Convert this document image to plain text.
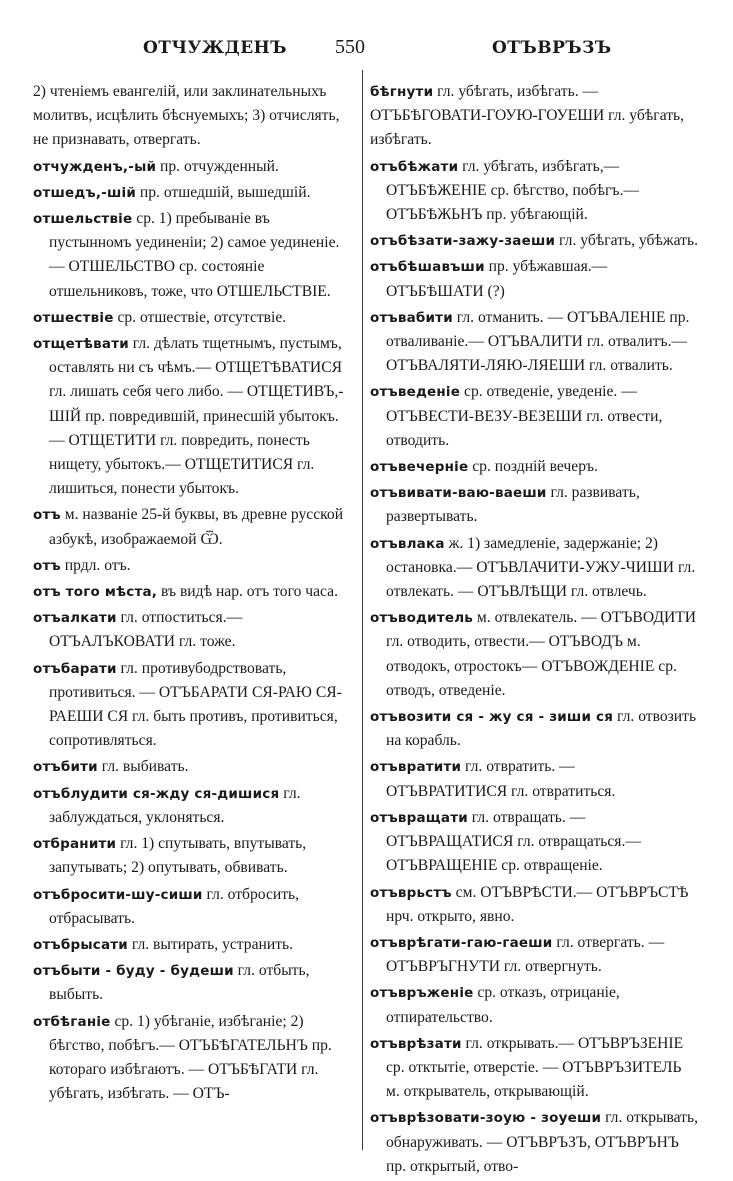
ОТЧУЖДЕНЪ 550	ОТЪВРЪЗЪ
2) чтеніемъ евангелій, или заклинательныхъ молитвъ, исцѣлить бѣснуемыхъ; 3) отчислять, не признавать, отвергать.
отчужденъ,-ый пр. отчужденный.
отшедъ,-шій пр. отшедшій, вышедшій.
отшельствіе ср. 1) пребываніе въ пустынномъ уединеніи; 2) самое уединеніе.— ОТШЕЛЬСТВО ср. состояніе отшельниковъ, тоже, что ОТШЕЛЬСТВІЕ.
отшествіе ср. отшествіе, отсутствіе.
отщетѣвати гл. дѣлать тщетнымъ, пустымъ, оставлять ни съ чѣмъ.— ОТЩЕТѢВАТИСЯ гл. лишать себя чего либо. — ОТЩЕТИВЪ,-ШІЙ пр. повредившій, принесшій убытокъ. — ОТЩЕТИТИ гл. повредить, понесть нищету, убытокъ.— ОТЩЕТИТИСЯ гл. лишиться, понести убытокъ.
отъ м. названіе 25-й буквы, въ древне русской азбукѣ, изображаемой Ѿ.
отъ прдл. отъ.
отъ того мѣста, въ видѣ нар. отъ того часа.
отъалкати гл. отпоститься.— ОТЪАЛЪКОВАТИ гл. тоже.
отъбарати гл. противубодрствовать, противиться. — ОТЪБАРАТИ СЯ-РАЮ СЯ-РАЕШИ СЯ гл. быть противъ, противиться, сопротивляться.
отъбити гл. выбивать.
отъблудити ся-жду ся-дишися гл. заблуждаться, уклоняться.
отбранити гл. 1) спутывать, впутывать, запутывать; 2) опутывать, обвивать.
отъбросити-шу-сиши гл. отбросить, отбрасывать.
отъбрысати гл. вытирать, устранить.
отъбыти - буду - будеши гл. отбыть, выбыть.
отбѣганіе ср. 1) убѣганіе, избѣганіе; 2) бѣгство, побѣгъ.— ОТЪБѢГАТЕЛЬНЪ пр. котораго избѣгаютъ. — ОТЪБѢГАТИ гл. убѣгать, избѣгать. — ОТЪ-
бѣгнути гл. убѣгать, избѣгать. — ОТЪБѢГОВАТИ-ГОУЮ-ГОУЕШИ гл. убѣгать, избѣгать.
отъбѣжати гл. убѣгать, избѣгать,— ОТЪБѢЖЕНІЕ ср. бѣгство, побѣгъ.— ОТЪБѢЖЬНЪ пр. убѣгающій.
отъбѣзати-зажу-заеши гл. убѣгать, убѣжать.
отъбѣшавъши пр. убѣжавшая.— ОТЪБѢШАТИ (?)
отъвабити гл. отманить. — ОТЪВАЛЕНІЕ пр. отваливаніе.— ОТЪВАЛИТИ гл. отвалитъ.— ОТЪВАЛЯТИ-ЛЯЮ-ЛЯЕШИ гл. отвалить.
отъведеніе ср. отведеніе, уведеніе. — ОТЪВЕСТИ-ВЕЗУ-ВЕЗЕШИ гл. отвести, отводить.
отъвечерніе ср. поздній вечеръ.
отъвивати-ваю-ваеши гл. развивать, развертывать.
отъвлака ж. 1) замедленіе, задержаніе; 2) остановка.— ОТЪВЛАЧИТИ-УЖУ-ЧИШИ гл. отвлекать. — ОТЪВЛѢЩИ гл. отвлечь.
отъводитель м. отвлекатель. — ОТЪВОДИТИ гл. отводить, отвести.— ОТЪВОДЪ м. отводокъ, отростокъ— ОТЪВОЖДЕНІЕ ср. отводъ, отведеніе.
отъвозити ся - жу ся - зиши ся гл. отвозить на корабль.
отъвратити гл. отвратить. — ОТЪВРАТИТИСЯ гл. отвратиться.
отъвращати гл. отвращать. — ОТЪВРАЩАТИСЯ гл. отвращаться.— ОТЪВРАЩЕНІЕ ср. отвращеніе.
отъврьстъ см. ОТЪВРѢСТИ.— ОТЪВРЪСТѢ нрч. открыто, явно.
отъврѣгати-гаю-гаеши гл. отвергать. — ОТЪВРЪГНУТИ гл. отвергнуть.
отъвръженіе ср. отказъ, отрицаніе, отпирательство.
отъврѣзати гл. открывать.— ОТЪВРЪЗЕНІЕ ср. отктытіе, отверстіе. — ОТЪВРЪЗИТЕЛЬ м. открыватель, открывающій.
отъврѣзовати-зоую - зоуеши гл. открывать, обнаруживать. — ОТЪВРЪЗЪ, ОТЪВРЪНЪ пр. открытый, отво-
